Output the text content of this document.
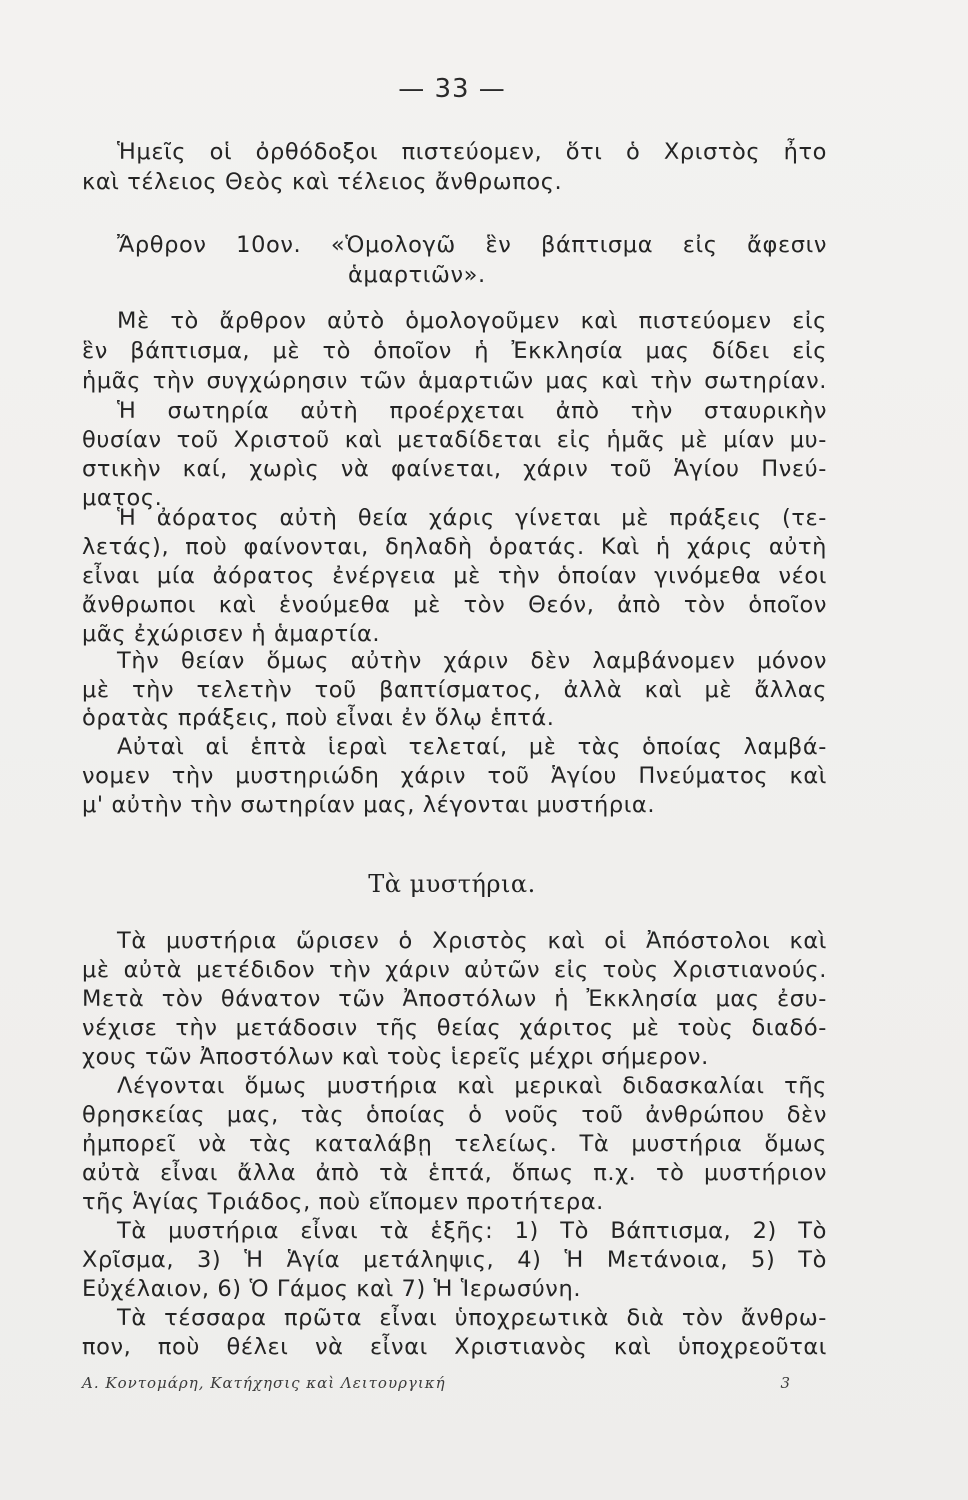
— 33 —
Ἡμεῖς οἱ ὀρθόδοξοι πιστεύομεν, ὅτι ὁ Χριστὸς ἦτο
καὶ τέλειος Θεὸς καὶ τέλειος ἄνθρωπος.
Ἄρθρον 10ον. «Ὁμολογῶ ἓν βάπτισμα εἰς ἄφεσιν
ἁμαρτιῶν».
Μὲ τὸ ἄρθρον αὐτὸ ὁμολογοῦμεν καὶ πιστεύομεν εἰς
ἓν βάπτισμα, μὲ τὸ ὁποῖον ἡ Ἐκκλησία μας δίδει εἰς
ἡμᾶς τὴν συγχώρησιν τῶν ἁμαρτιῶν μας καὶ τὴν σωτηρίαν.
Ἡ σωτηρία αὐτὴ προέρχεται ἀπὸ τὴν σταυρικὴν
θυσίαν τοῦ Χριστοῦ καὶ μεταδίδεται εἰς ἡμᾶς μὲ μίαν μυ-
στικὴν καί, χωρὶς νὰ φαίνεται, χάριν τοῦ Ἁγίου Πνεύ-
ματος.
Ἡ ἀόρατος αὐτὴ θεία χάρις γίνεται μὲ πράξεις (τε-
λετάς), ποὺ φαίνονται, δηλαδὴ ὁρατάς. Καὶ ἡ χάρις αὐτὴ
εἶναι μία ἀόρατος ἐνέργεια μὲ τὴν ὁποίαν γινόμεθα νέοι
ἄνθρωποι καὶ ἑνούμεθα μὲ τὸν Θεόν, ἀπὸ τὸν ὁποῖον
μᾶς ἐχώρισεν ἡ ἁμαρτία.
Τὴν θείαν ὅμως αὐτὴν χάριν δὲν λαμβάνομεν μόνον
μὲ τὴν τελετὴν τοῦ βαπτίσματος, ἀλλὰ καὶ μὲ ἄλλας
ὁρατὰς πράξεις, ποὺ εἶναι ἐν ὅλῳ ἑπτά.
Αὐταὶ αἱ ἑπτὰ ἱεραὶ τελεταί, μὲ τὰς ὁποίας λαμβά-
νομεν τὴν μυστηριώδη χάριν τοῦ Ἁγίου Πνεύματος καὶ
μ' αὐτὴν τὴν σωτηρίαν μας, λέγονται μυστήρια.
Τὰ μυστήρια.
Τὰ μυστήρια ὥρισεν ὁ Χριστὸς καὶ οἱ Ἀπόστολοι καὶ
μὲ αὐτὰ μετέδιδον τὴν χάριν αὐτῶν εἰς τοὺς Χριστιανούς.
Μετὰ τὸν θάνατον τῶν Ἀποστόλων ἡ Ἐκκλησία μας ἐσυ-
νέχισε τὴν μετάδοσιν τῆς θείας χάριτος μὲ τοὺς διαδό-
χους τῶν Ἀποστόλων καὶ τοὺς ἱερεῖς μέχρι σήμερον.
Λέγονται ὅμως μυστήρια καὶ μερικαὶ διδασκαλίαι τῆς
θρησκείας μας, τὰς ὁποίας ὁ νοῦς τοῦ ἀνθρώπου δὲν
ἠμπορεῖ νὰ τὰς καταλάβῃ τελείως. Τὰ μυστήρια ὅμως
αὐτὰ εἶναι ἄλλα ἀπὸ τὰ ἑπτά, ὅπως π.χ. τὸ μυστήριον
τῆς Ἁγίας Τριάδος, ποὺ εἴπομεν προτήτερα.
Τὰ μυστήρια εἶναι τὰ ἑξῆς: 1) Τὸ Βάπτισμα, 2) Τὸ
Χρῖσμα, 3) Ἡ Ἁγία μετάληψις, 4) Ἡ Μετάνοια, 5) Τὸ
Εὐχέλαιον, 6) Ὁ Γάμος καὶ 7) Ἡ Ἱερωσύνη.
Τὰ τέσσαρα πρῶτα εἶναι ὑποχρεωτικὰ διὰ τὸν ἄνθρω-
πον, ποὺ θέλει νὰ εἶναι Χριστιανὸς καὶ ὑποχρεοῦται
Α. Κοντομάρη, Κατήχησις καὶ Λειτουργική	3
